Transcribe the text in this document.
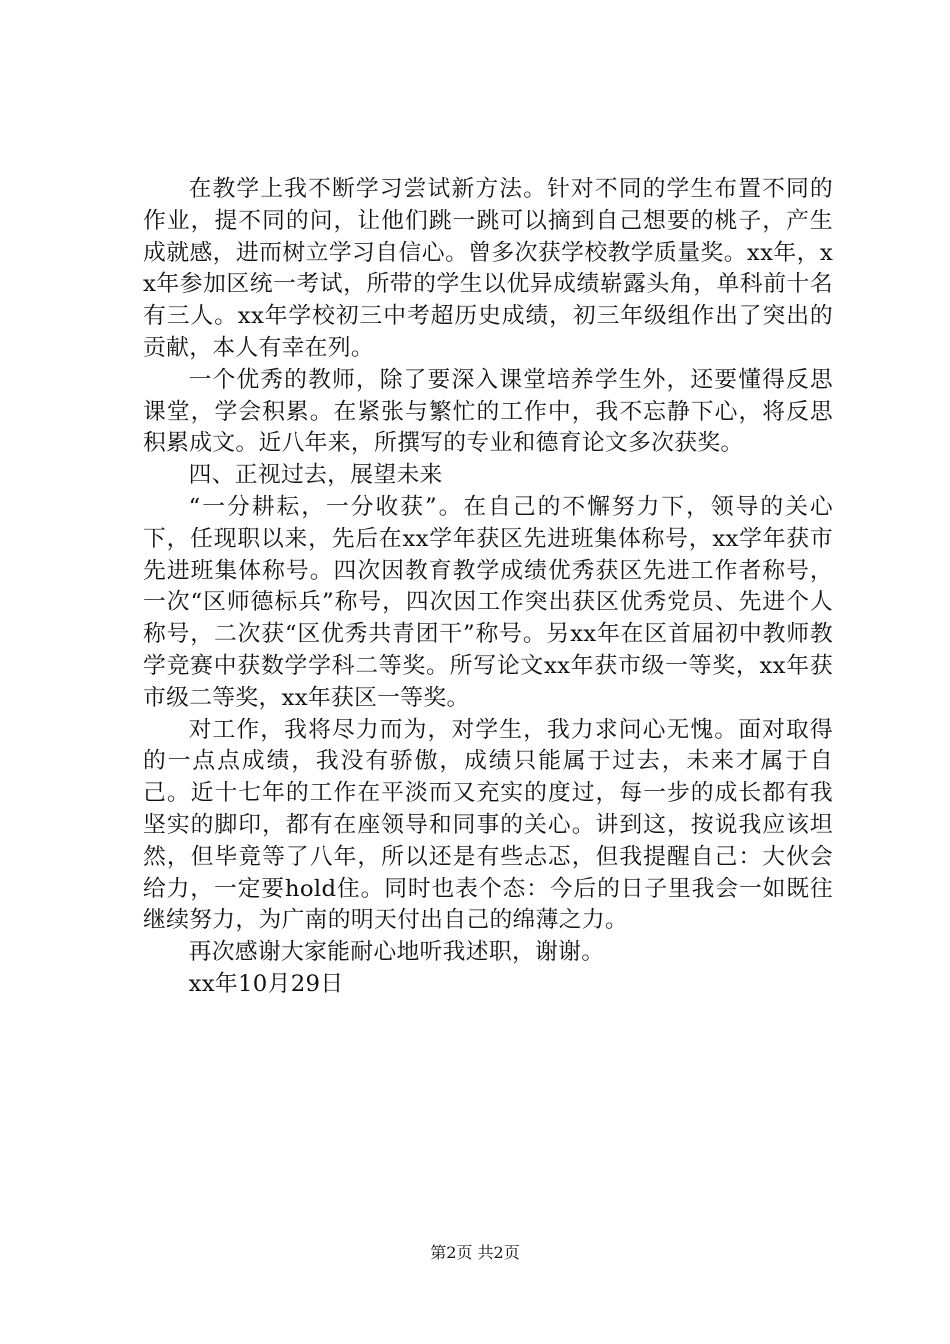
在教学上我不断学习尝试新方法。针对不同的学生布置不同的作业，提不同的问，让他们跳一跳可以摘到自己想要的桃子，产生成就感，进而树立学习自信心。曾多次获学校教学质量奖。xx年，xx年参加区统一考试，所带的学生以优异成绩崭露头角，单科前十名有三人。xx年学校初三中考超历史成绩，初三年级组作出了突出的贡献，本人有幸在列。

一个优秀的教师，除了要深入课堂培养学生外，还要懂得反思课堂，学会积累。在紧张与繁忙的工作中，我不忘静下心，将反思积累成文。近八年来，所撰写的专业和德育论文多次获奖。

四、正视过去，展望未来

“一分耕耘，一分收获”。在自己的不懈努力下，领导的关心下，任现职以来，先后在xx学年获区先进班集体称号，xx学年获市先进班集体称号。四次因教育教学成绩优秀获区先进工作者称号，一次“区师德标兵”称号，四次因工作突出获区优秀党员、先进个人称号，二次获“区优秀共青团干”称号。另xx年在区首届初中教师教学竞赛中获数学学科二等奖。所写论文xx年获市级一等奖，xx年获市级二等奖，xx年获区一等奖。

对工作，我将尽力而为，对学生，我力求问心无愧。面对取得的一点点成绩，我没有骄傲，成绩只能属于过去，未来才属于自己。近十七年的工作在平淡而又充实的度过，每一步的成长都有我坚实的脚印，都有在座领导和同事的关心。讲到这，按说我应该坦然，但毕竟等了八年，所以还是有些忐忑，但我提醒自己：大伙会给力，一定要hold住。同时也表个态：今后的日子里我会一如既往继续努力，为广南的明天付出自己的绵薄之力。

再次感谢大家能耐心地听我述职，谢谢。

xx年10月29日

第2页 共2页
